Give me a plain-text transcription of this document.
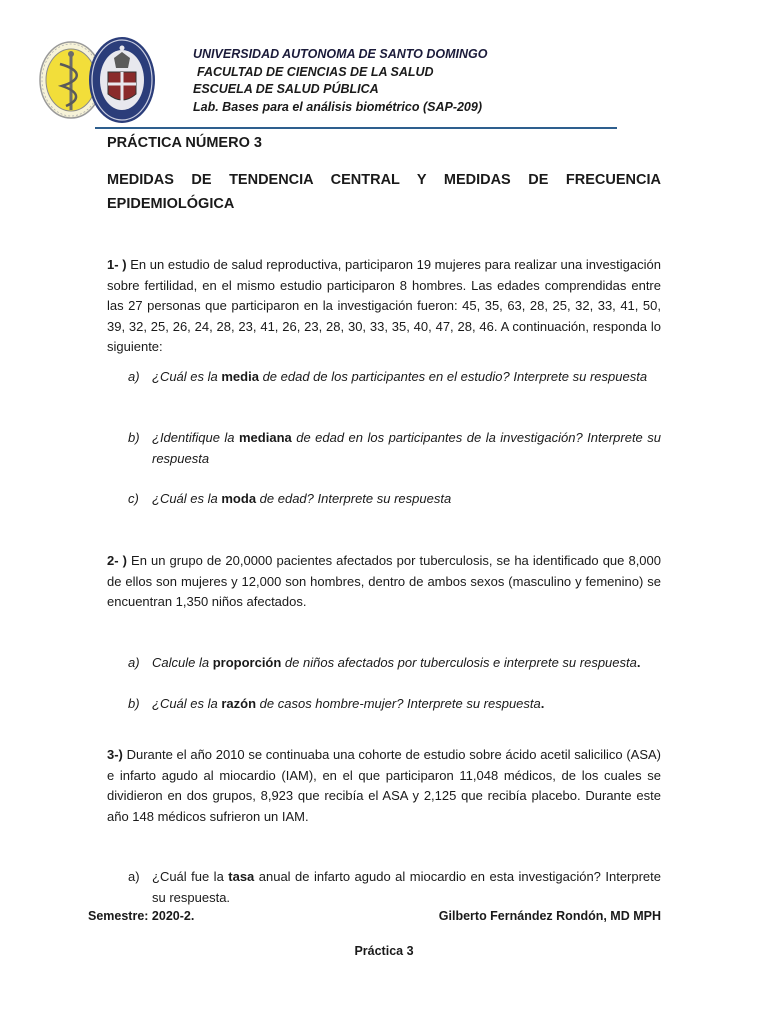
UNIVERSIDAD AUTONOMA DE SANTO DOMINGO
FACULTAD DE CIENCIAS DE LA SALUD
ESCUELA DE SALUD PÚBLICA
Lab. Bases para el análisis biométrico (SAP-209)
PRÁCTICA NÚMERO 3
MEDIDAS DE TENDENCIA CENTRAL Y MEDIDAS DE FRECUENCIA
EPIDEMIOLÓGICA
1- ) En un estudio de salud reproductiva, participaron 19 mujeres para realizar una investigación sobre fertilidad, en el mismo estudio participaron 8 hombres. Las edades comprendidas entre las 27 personas que participaron en la investigación fueron: 45, 35, 63, 28, 25, 32, 33, 41, 50, 39, 32, 25, 26, 24, 28, 23, 41, 26, 23, 28, 30, 33, 35, 40, 47, 28, 46. A continuación, responda lo siguiente:
a) ¿Cuál es la media de edad de los participantes en el estudio? Interprete su respuesta
b) ¿Identifique la mediana de edad en los participantes de la investigación? Interprete su respuesta
c) ¿Cuál es la moda de edad? Interprete su respuesta
2- ) En un grupo de 20,0000 pacientes afectados por tuberculosis, se ha identificado que 8,000 de ellos son mujeres y 12,000 son hombres, dentro de ambos sexos (masculino y femenino) se encuentran 1,350 niños afectados.
a) Calcule la proporción de niños afectados por tuberculosis e interprete su respuesta.
b) ¿Cuál es la razón de casos hombre-mujer? Interprete su respuesta.
3-) Durante el año 2010 se continuaba una cohorte de estudio sobre ácido acetil salicilico (ASA) e infarto agudo al miocardio (IAM), en el que participaron 11,048 médicos, de los cuales se dividieron en dos grupos, 8,923 que recibía el ASA y 2,125 que recibía placebo. Durante este año 148 médicos sufrieron un IAM.
a) ¿Cuál fue la tasa anual de infarto agudo al miocardio en esta investigación? Interprete su respuesta.
Semestre: 2020-2.	Gilberto Fernández Rondón, MD MPH
Práctica 3
